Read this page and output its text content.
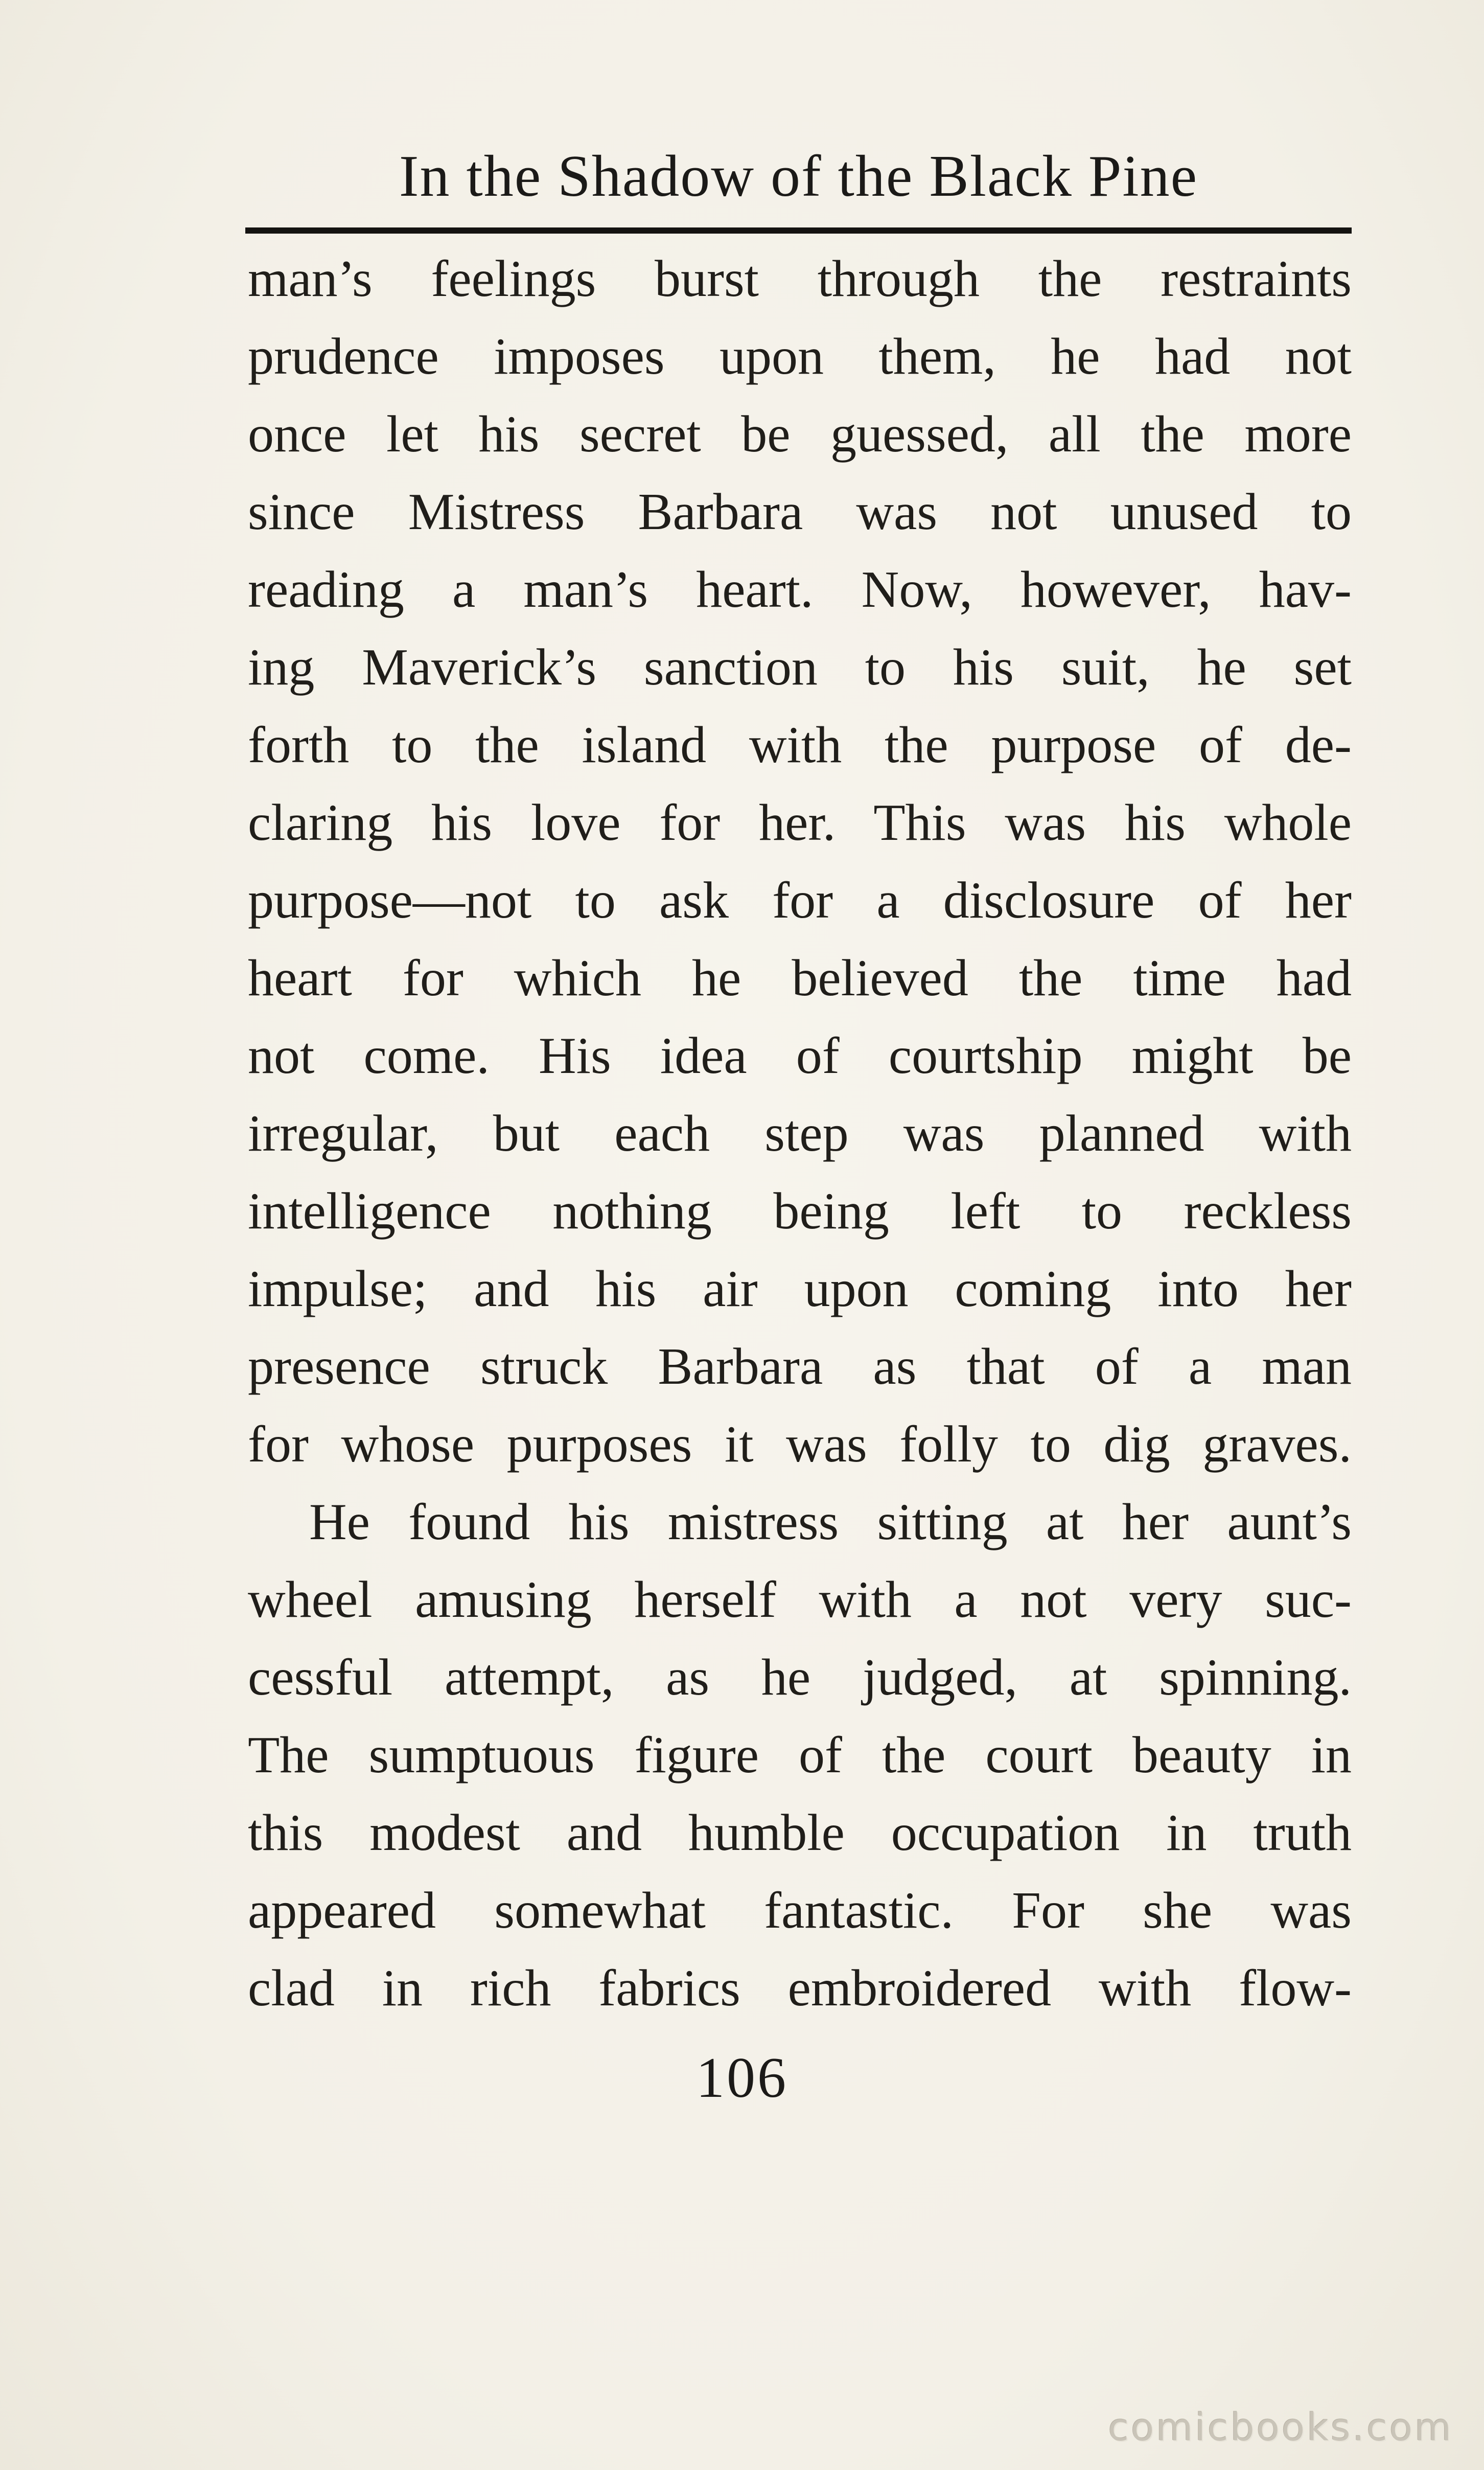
In the Shadow of the Black Pine
man’s feelings burst through the restraints
prudence imposes upon them, he had not
once let his secret be guessed, all the more
since Mistress Barbara was not unused to
reading a man’s heart. Now, however, hav-
ing Maverick’s sanction to his suit, he set
forth to the island with the purpose of de-
claring his love for her. This was his whole
purpose—not to ask for a disclosure of her
heart for which he believed the time had
not come. His idea of courtship might be
irregular, but each step was planned with
intelligence nothing being left to reckless
impulse; and his air upon coming into her
presence struck Barbara as that of a man
for whose purposes it was folly to dig graves.
He found his mistress sitting at her aunt’s
wheel amusing herself with a not very suc-
cessful attempt, as he judged, at spinning.
The sumptuous figure of the court beauty in
this modest and humble occupation in truth
appeared somewhat fantastic. For she was
clad in rich fabrics embroidered with flow-
106
comicbooks.com
